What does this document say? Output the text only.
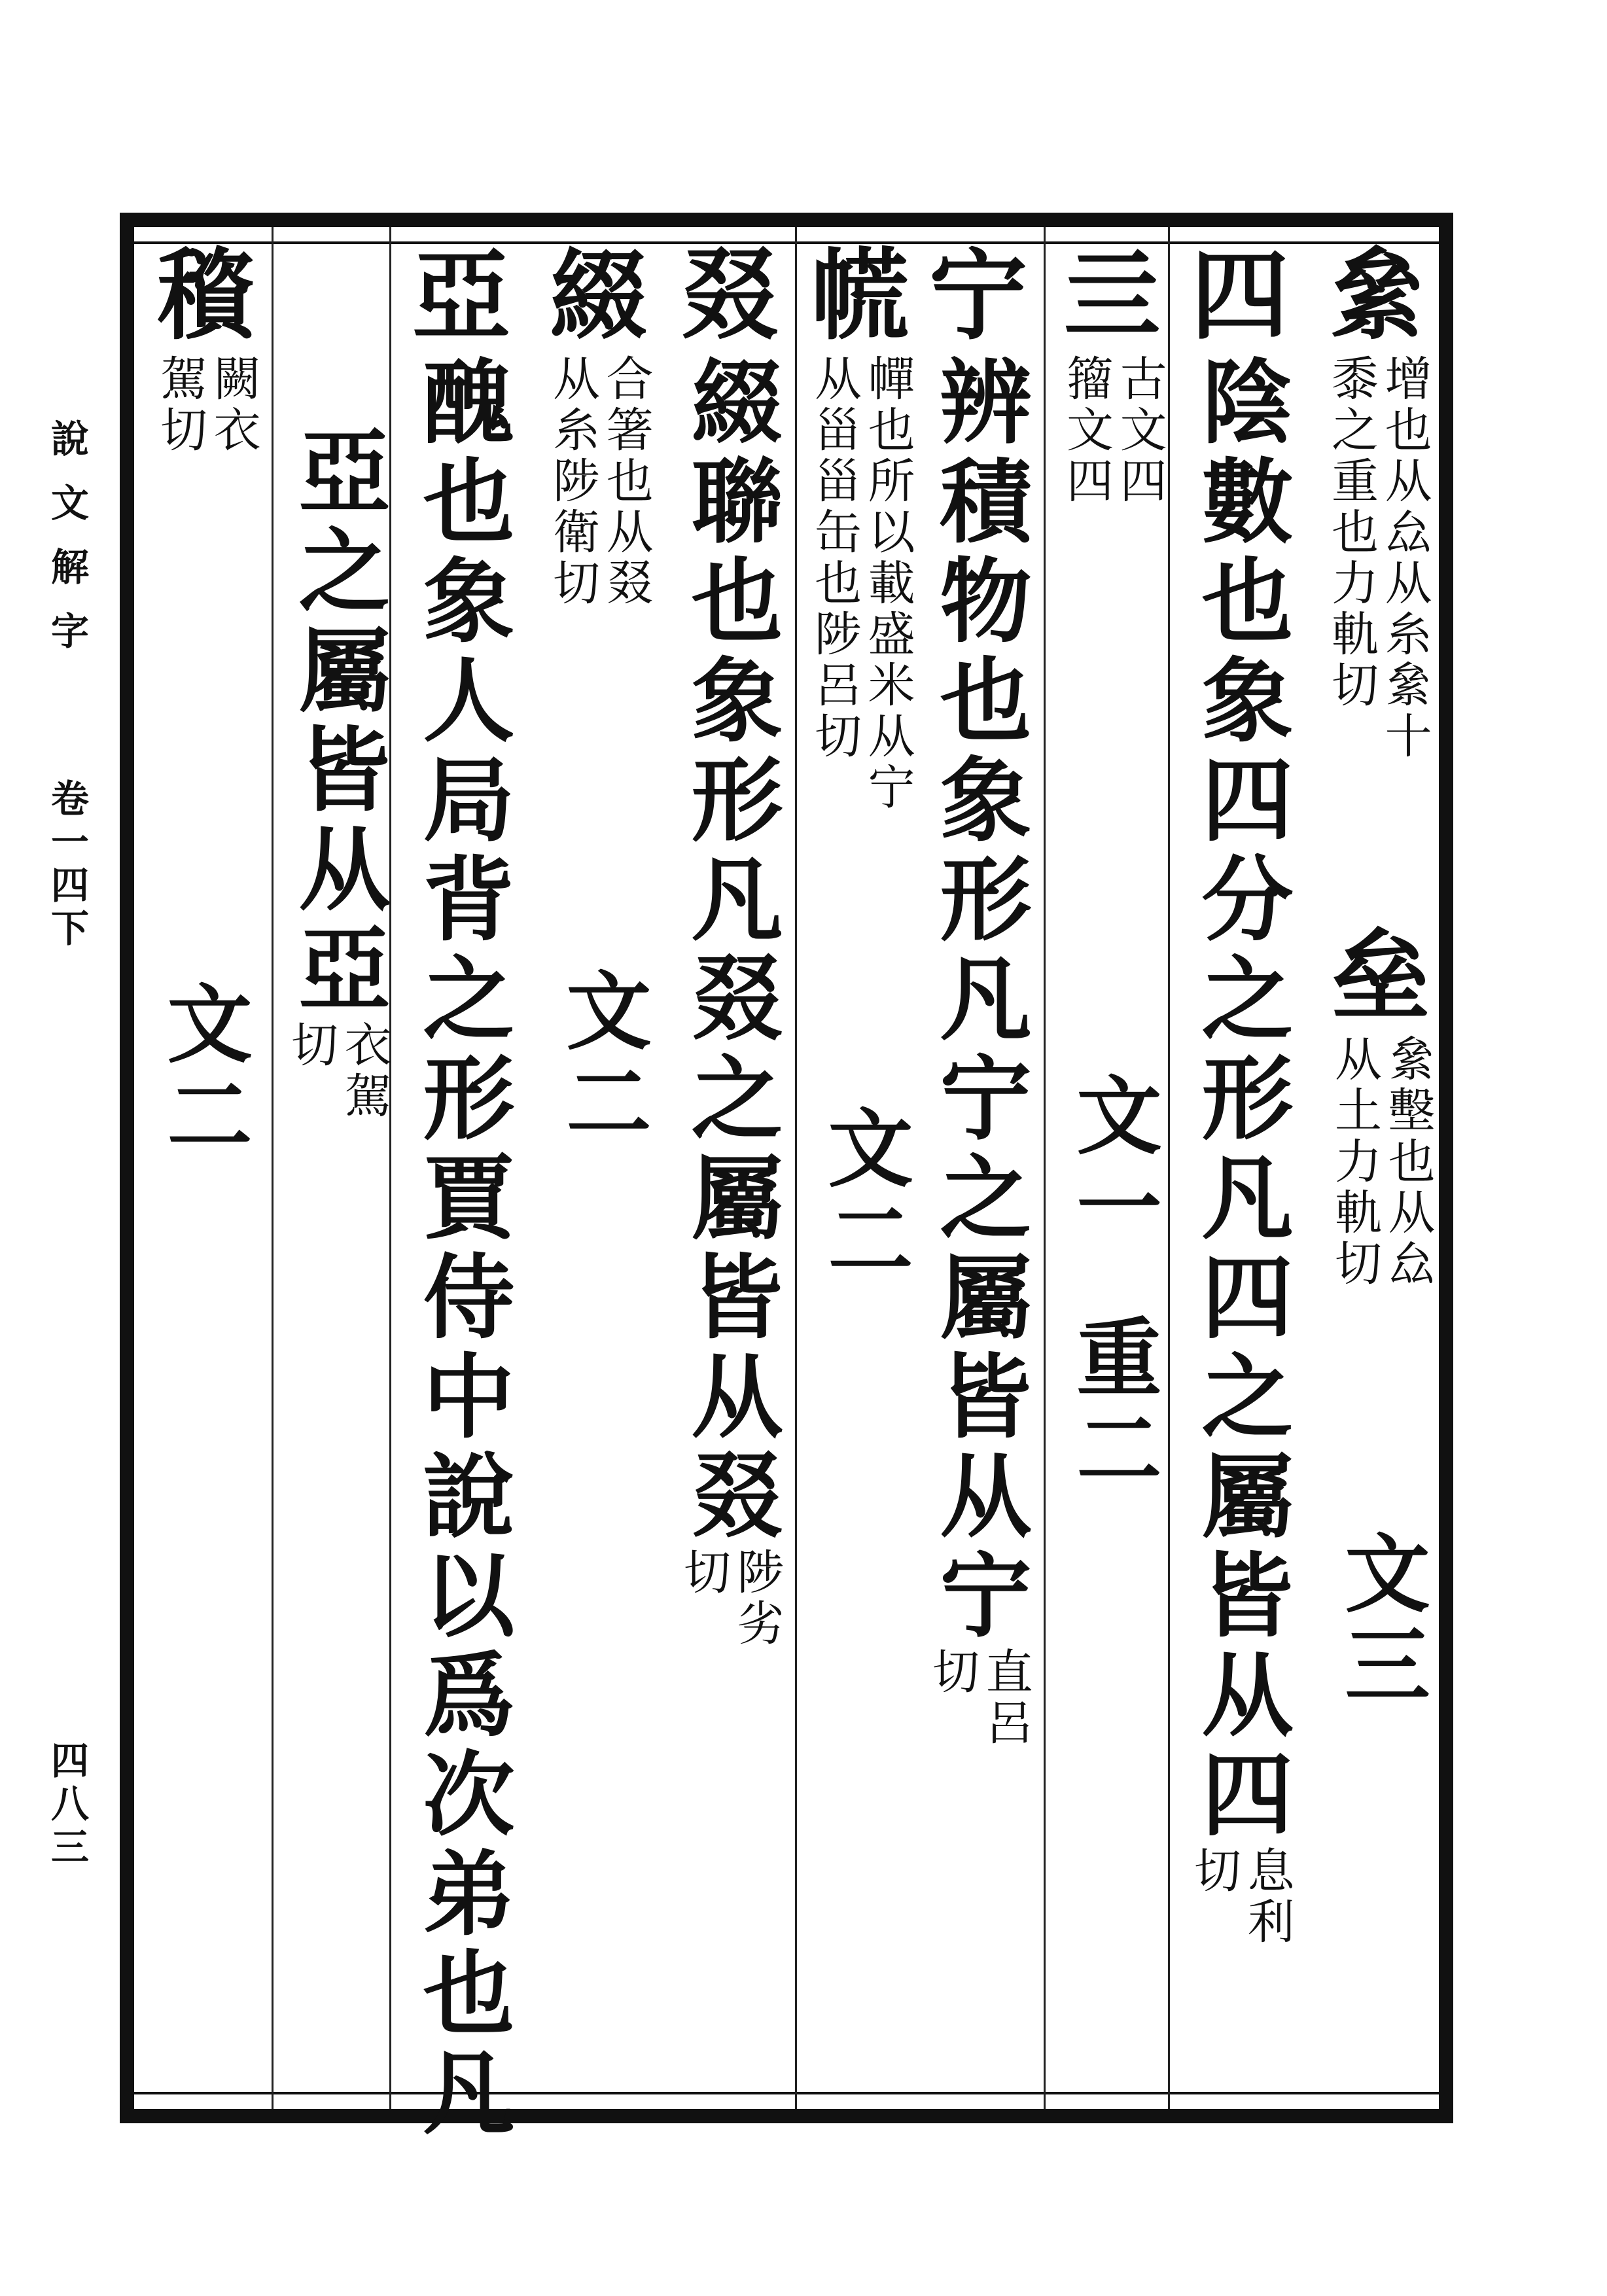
說文解字
卷一四下
四八三
絫
增也从厽从糸絫十
黍之重也力軌切
垒
絫墼也从厽
从土力軌切
文三
四
陰數也象四分之形凡四之屬皆从四
息利
切
亖
古文四
籀文四
文一
重二
宁
辨積物也象形凡宁之屬皆从宁
直呂
切
㡛
幝也所以載盛米从宁
从甾甾缶也陟呂切
文二
叕
綴聯也象形凡叕之屬皆从叕
陟劣
切
綴
合箸也从叕
从糸陟衛切
文二
亞
醜也象人局背之形賈侍中說以爲次弟也凡
亞之屬皆从亞
衣駕
切
䆅
闕衣
駕切
文二
